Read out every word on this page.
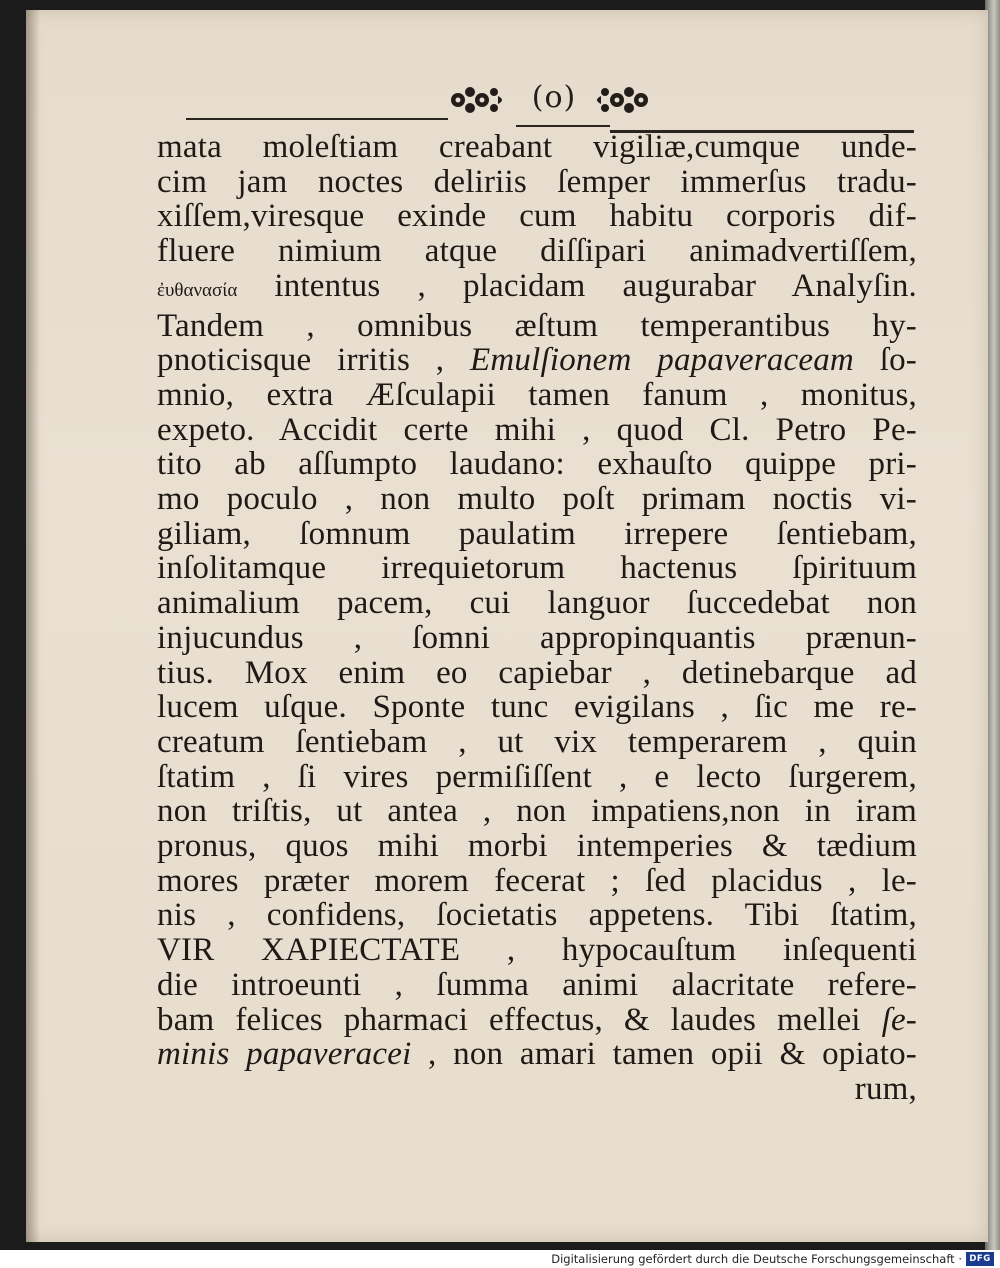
(o)
mata moleſtiam creabant vigiliæ,cumque unde-
cim jam noctes deliriis ſemper immerſus tradu-
xiſſem,viresque exinde cum habitu corporis dif-
fluere nimium atque diſſipari animadvertiſſem,
ἐυθανασία intentus , placidam augurabar Analyſin.
Tandem , omnibus æſtum temperantibus hy-
pnoticisque irritis , Emulſionem papaveraceam ſo-
mnio, extra Æſculapii tamen fanum , monitus,
expeto. Accidit certe mihi , quod Cl. Petro Pe-
tito ab aſſumpto laudano: exhauſto quippe pri-
mo poculo , non multo poſt primam noctis vi-
giliam, ſomnum paulatim irrepere ſentiebam,
inſolitamque irrequietorum hactenus ſpirituum
animalium pacem, cui languor ſuccedebat non
injucundus , ſomni appropinquantis prænun-
tius. Mox enim eo capiebar , detinebarque ad
lucem uſque. Sponte tunc evigilans , ſic me re-
creatum ſentiebam , ut vix temperarem , quin
ſtatim , ſi vires permiſiſſent , e lecto ſurgerem,
non triſtis, ut antea , non impatiens,non in iram
pronus, quos mihi morbi intemperies & tædium
mores præter morem fecerat ; ſed placidus , le-
nis , confidens, ſocietatis appetens. Tibi ſtatim,
VIR XAPIECTATE , hypocauſtum inſequenti
die introeunti , ſumma animi alacritate refere-
bam felices pharmaci effectus, & laudes mellei ſe-
minis papaveracei , non amari tamen opii & opiato-
rum,
Digitalisierung gefördert durch die Deutsche Forschungsgemeinschaft · DFG
